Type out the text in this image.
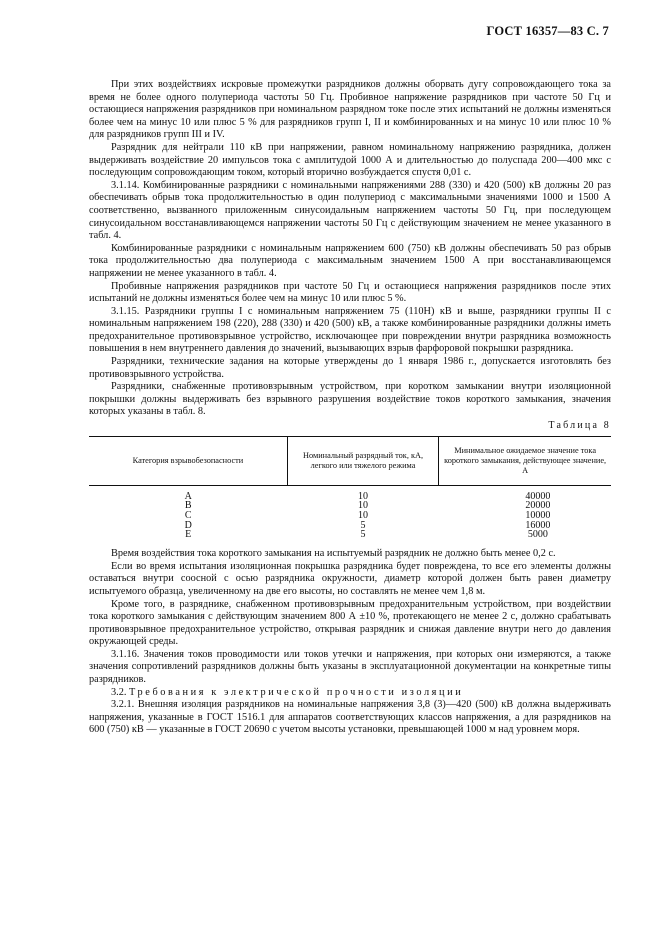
ГОСТ 16357—83 С. 7

При этих воздействиях искровые промежутки разрядников должны оборвать дугу сопровождающего тока за время не более одного полупериода частоты 50 Гц. Пробивное напряжение разрядников при частоте 50 Гц и остающиеся напряжения разрядников при номинальном разрядном токе после этих испытаний не должны изменяться более чем на минус 10 или плюс 5 % для разрядников групп I, II и комбинированных и на минус 10 или плюс 10 % для разрядников групп III и IV.

Разрядник для нейтрали 110 кВ при напряжении, равном номинальному напряжению разрядника, должен выдерживать воздействие 20 импульсов тока с амплитудой 1000 А и длительностью до полуспада 200—400 мкс с последующим сопровождающим током, который вторично возбуждается спустя 0,01 с.

3.1.14. Комбинированные разрядники с номинальными напряжениями 288 (330) и 420 (500) кВ должны 20 раз обеспечивать обрыв тока продолжительностью в один полупериод с максимальными значениями 1000 и 1500 А соответственно, вызванного приложенным синусоидальным напряжением частоты 50 Гц, при последующем синусоидальном восстанавливающемся напряжении частоты 50 Гц с действующим значением не менее указанного в табл. 4.

Комбинированные разрядники с номинальным напряжением 600 (750) кВ должны обеспечивать 50 раз обрыв тока продолжительностью два полупериода с максимальным значением 1500 А при восстанавливающемся напряжении не менее указанного в табл. 4.

Пробивные напряжения разрядников при частоте 50 Гц и остающиеся напряжения разрядников после этих испытаний не должны изменяться более чем на минус 10 или плюс 5 %.

3.1.15. Разрядники группы I с номинальным напряжением 75 (110Н) кВ и выше, разрядники группы II с номинальным напряжением 198 (220), 288 (330) и 420 (500) кВ, а также комбинированные разрядники должны иметь предохранительное противовзрывное устройство, исключающее при повреждении внутри разрядника возможность повышения в нем внутреннего давления до значений, вызывающих взрыв фарфоровой покрышки разрядника.

Разрядники, технические задания на которые утверждены до 1 января 1986 г., допускается изготовлять без противовзрывного устройства.

Разрядники, снабженные противовзрывным устройством, при коротком замыкании внутри изоляционной покрышки должны выдерживать без взрывного разрушения воздействие токов короткого замыкания, значения которых указаны в табл. 8.

Таблица 8
Категория взрывобезопасности	Номинальный разрядный ток, кА, легкого или тяжелого режима	Минимальное ожидаемое значение тока короткого замыкания, действующее значение, А
А	10	40000
В	10	20000
С	10	10000
D	5	16000
Е	5	5000

Время воздействия тока короткого замыкания на испытуемый разрядник не должно быть менее 0,2 с.

Если во время испытания изоляционная покрышка разрядника будет повреждена, то все его элементы должны оставаться внутри соосной с осью разрядника окружности, диаметр которой должен быть равен диаметру испытуемого образца, увеличенному на две его высоты, но составлять не менее чем 1,8 м.

Кроме того, в разряднике, снабженном противовзрывным предохранительным устройством, при воздействии тока короткого замыкания с действующим значением 800 А ±10 %, протекающего не менее 2 с, должно срабатывать противовзрывное предохранительное устройство, открывая разрядник и снижая давление внутри него до давления окружающей среды.

3.1.16. Значения токов проводимости или токов утечки и напряжения, при которых они измеряются, а также значения сопротивлений разрядников должны быть указаны в эксплуатационной документации на конкретные типы разрядников.

3.2. Требования к электрической прочности изоляции

3.2.1. Внешняя изоляция разрядников на номинальные напряжения 3,8 (3)—420 (500) кВ должна выдерживать напряжения, указанные в ГОСТ 1516.1 для аппаратов соответствующих классов напряжения, а для разрядников на 600 (750) кВ — указанные в ГОСТ 20690 с учетом высоты установки, превышающей 1000 м над уровнем моря.
